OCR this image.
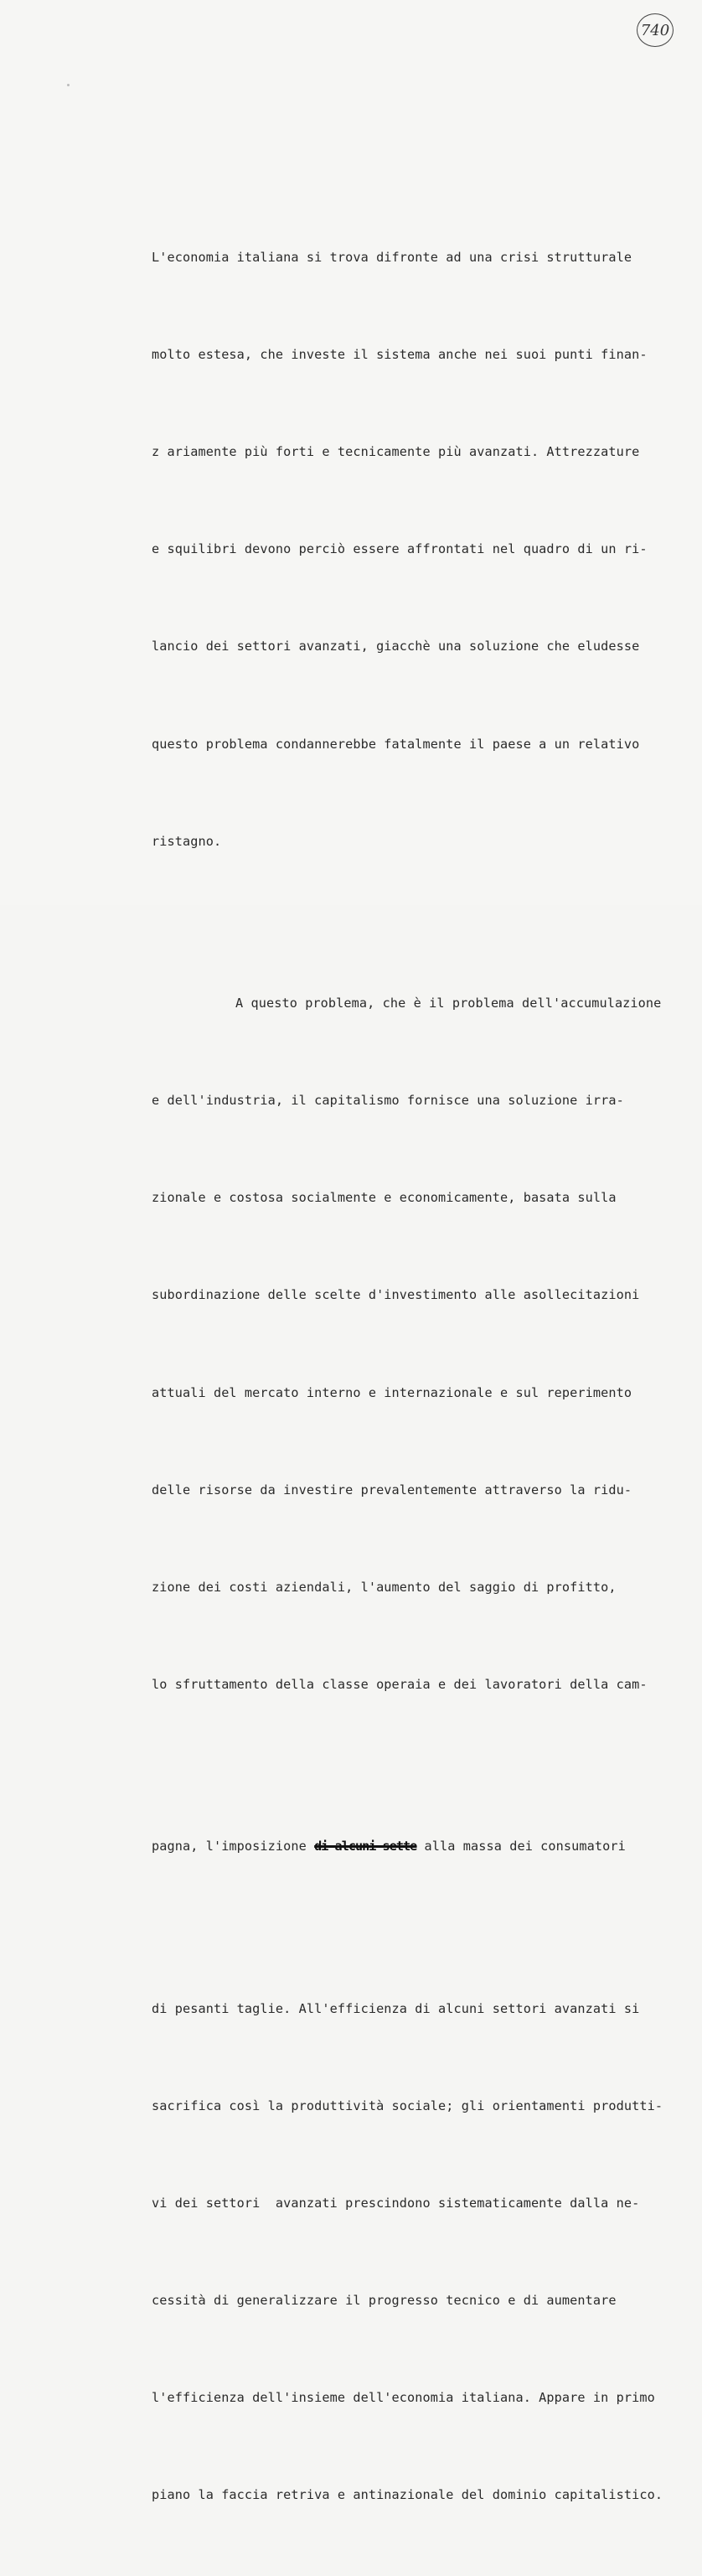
740

L'economia italiana si trova difronte ad una crisi strutturale

molto estesa, che investe il sistema anche nei suoi punti finan-

z ariamente più forti e tecnicamente più avanzati. Attrezzature

e squilibri devono perciò essere affrontati nel quadro di un ri-

lancio dei settori avanzati, giacchè una soluzione che eludesse

questo problema condannerebbe fatalmente il paese a un relativo

ristagno.

A questo problema, che è il problema dell'accumulazione

e dell'industria, il capitalismo fornisce una soluzione irra-

zionale e costosa socialmente e economicamente, basata sulla

subordinazione delle scelte d'investimento alle asollecitazioni

attuali del mercato interno e internazionale e sul reperimento

delle risorse da investire prevalentemente attraverso la ridu-

zione dei costi aziendali, l'aumento del saggio di profitto,

lo sfruttamento della classe operaia e dei lavoratori della cam-

pagna, l'imposizione di alcuni sette alla massa dei consumatori

di pesanti taglie. All'efficienza di alcuni settori avanzati si

sacrifica così la produttività sociale; gli orientamenti produtti-

vi dei settori  avanzati prescindono sistematicamente dalla ne-

cessità di generalizzare il progresso tecnico e di aumentare

l'efficienza dell'insieme dell'economia italiana. Appare in primo

piano la faccia retriva e antinazionale del dominio capitalistico.
